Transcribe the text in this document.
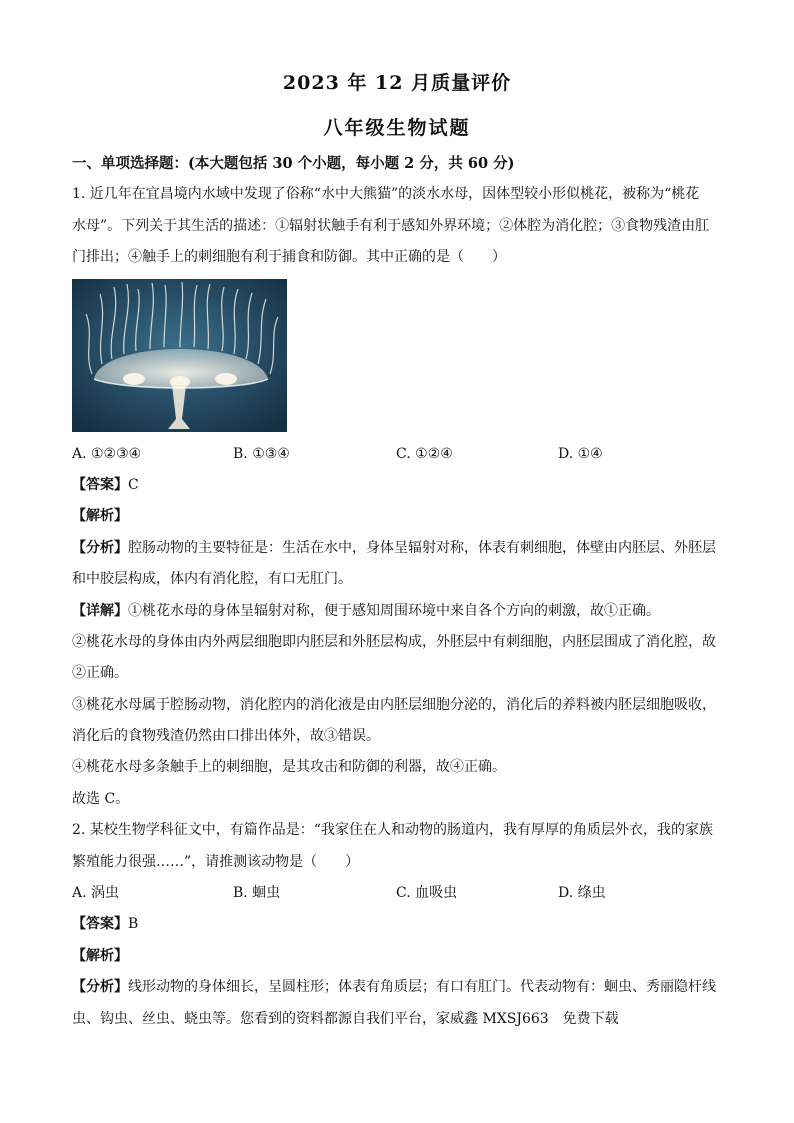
2023 年 12 月质量评价
八年级生物试题
一、单项选择题：(本大题包括 30 个小题，每小题 2 分，共 60 分)
1. 近几年在宜昌境内水域中发现了俗称“水中大熊猫”的淡水水母，因体型较小形似桃花，被称为“桃花
水母”。下列关于其生活的描述：①辐射状触手有利于感知外界环境；②体腔为消化腔；③食物残渣由肛
门排出；④触手上的刺细胞有利于捕食和防御。其中正确的是（　　）
A. ①②③④	B. ①③④	C. ①②④	D. ①④
【答案】C
【解析】
【分析】腔肠动物的主要特征是：生活在水中，身体呈辐射对称，体表有刺细胞，体壁由内胚层、外胚层
和中胶层构成，体内有消化腔，有口无肛门。
【详解】①桃花水母的身体呈辐射对称，便于感知周围环境中来自各个方向的刺激，故①正确。
②桃花水母的身体由内外两层细胞即内胚层和外胚层构成，外胚层中有刺细胞，内胚层围成了消化腔，故
②正确。
③桃花水母属于腔肠动物，消化腔内的消化液是由内胚层细胞分泌的，消化后的养料被内胚层细胞吸收，
消化后的食物残渣仍然由口排出体外，故③错误。
④桃花水母多条触手上的刺细胞，是其攻击和防御的利器，故④正确。
故选 C。
2. 某校生物学科征文中，有篇作品是：“我家住在人和动物的肠道内，我有厚厚的角质层外衣，我的家族
繁殖能力很强……”，请推测该动物是（　　）
A. 涡虫	B. 蛔虫	C. 血吸虫	D. 绦虫
【答案】B
【解析】
【分析】线形动物的身体细长，呈圆柱形；体表有角质层；有口有肛门。代表动物有：蛔虫、秀丽隐杆线
虫、钩虫、丝虫、蛲虫等。您看到的资料都源自我们平台，家威鑫 MXSJ663　免费下载
